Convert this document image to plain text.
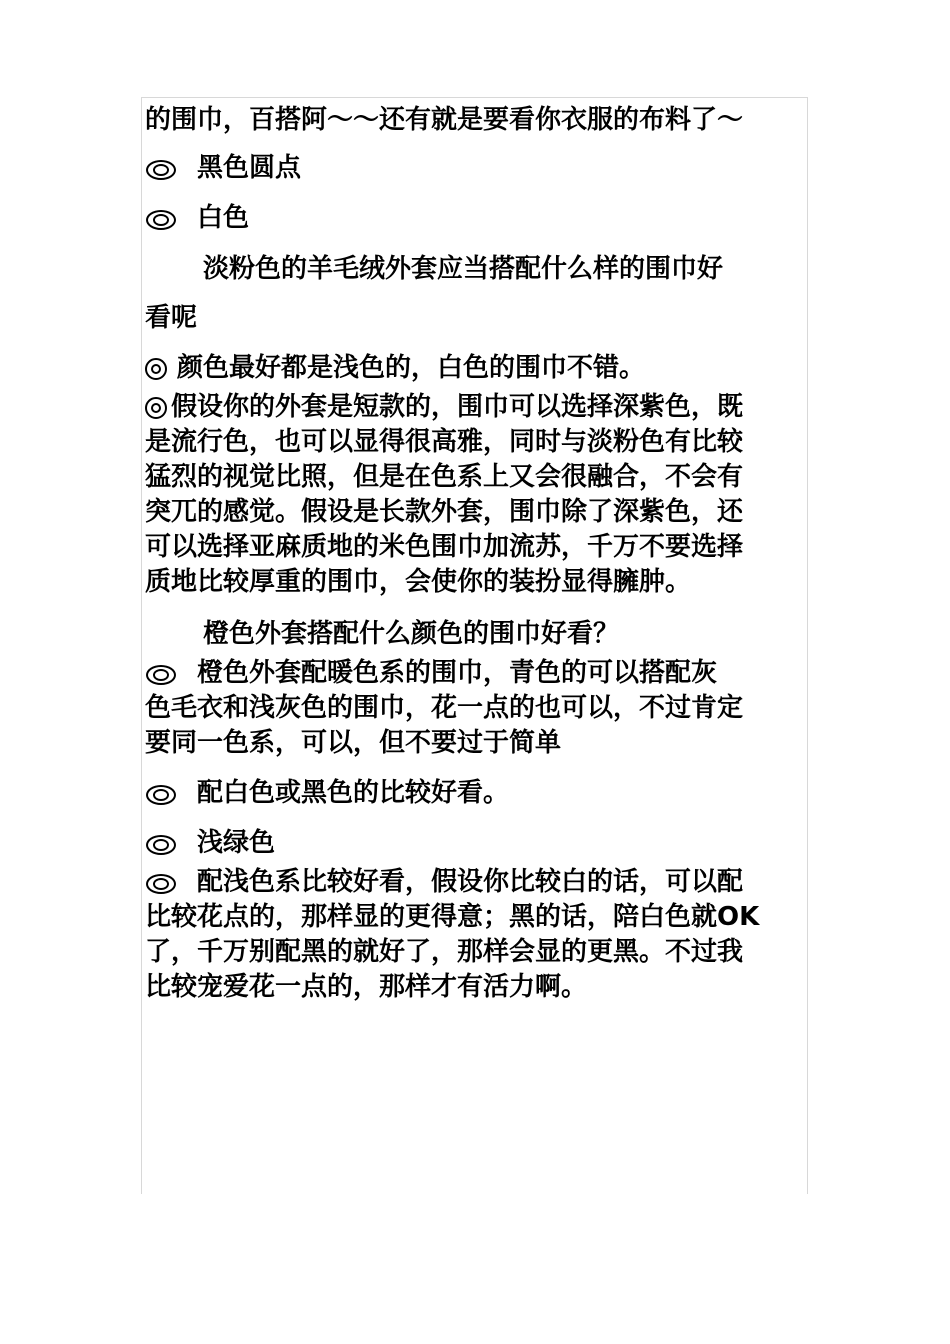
的围巾，百搭阿～～还有就是要看你衣服的布料了～
黑色圆点
白色
淡粉色的羊毛绒外套应当搭配什么样的围巾好
看呢
颜色最好都是浅色的，白色的围巾不错。
假设你的外套是短款的，围巾可以选择深紫色，既
是流行色，也可以显得很高雅，同时与淡粉色有比较
猛烈的视觉比照，但是在色系上又会很融合，不会有
突兀的感觉。假设是长款外套，围巾除了深紫色，还
可以选择亚麻质地的米色围巾加流苏，千万不要选择
质地比较厚重的围巾，会使你的装扮显得臃肿。
橙色外套搭配什么颜色的围巾好看？
橙色外套配暖色系的围巾，青色的可以搭配灰
色毛衣和浅灰色的围巾，花一点的也可以，不过肯定
要同一色系，可以，但不要过于简单
配白色或黑色的比较好看。
浅绿色
配浅色系比较好看，假设你比较白的话，可以配
比较花点的，那样显的更得意；黑的话，陪白色就OK
了，千万别配黑的就好了，那样会显的更黑。不过我
比较宠爱花一点的，那样才有活力啊。
